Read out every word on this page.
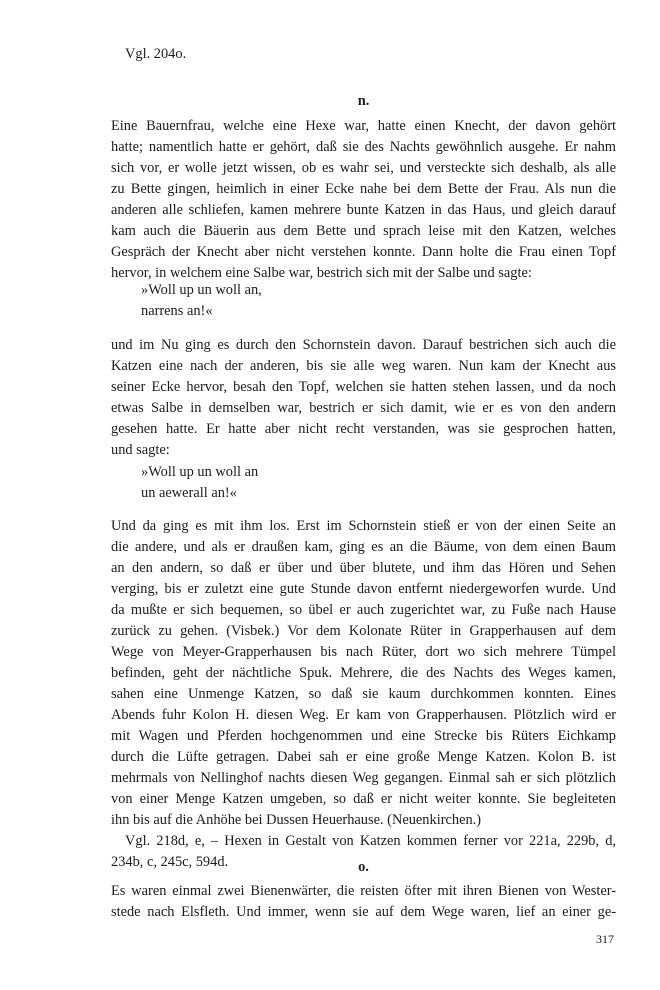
Vgl. 204o.
n.
Eine Bauernfrau, welche eine Hexe war, hatte einen Knecht, der davon gehört
hatte; namentlich hatte er gehört, daß sie des Nachts gewöhnlich ausgehe. Er nahm
sich vor, er wolle jetzt wissen, ob es wahr sei, und versteckte sich deshalb, als alle
zu Bette gingen, heimlich in einer Ecke nahe bei dem Bette der Frau. Als nun die
anderen alle schliefen, kamen mehrere bunte Katzen in das Haus, und gleich darauf
kam auch die Bäuerin aus dem Bette und sprach leise mit den Katzen, welches
Gespräch der Knecht aber nicht verstehen konnte. Dann holte die Frau einen Topf
hervor, in welchem eine Salbe war, bestrich sich mit der Salbe und sagte:
»Woll up un woll an,
narrens an!«
und im Nu ging es durch den Schornstein davon. Darauf bestrichen sich auch die
Katzen eine nach der anderen, bis sie alle weg waren. Nun kam der Knecht aus
seiner Ecke hervor, besah den Topf, welchen sie hatten stehen lassen, und da noch
etwas Salbe in demselben war, bestrich er sich damit, wie er es von den andern
gesehen hatte. Er hatte aber nicht recht verstanden, was sie gesprochen hatten,
und sagte:
»Woll up un woll an
un aewerall an!«
Und da ging es mit ihm los. Erst im Schornstein stieß er von der einen Seite an
die andere, und als er draußen kam, ging es an die Bäume, von dem einen Baum
an den andern, so daß er über und über blutete, und ihm das Hören und Sehen
verging, bis er zuletzt eine gute Stunde davon entfernt niedergeworfen wurde. Und
da mußte er sich bequemen, so übel er auch zugerichtet war, zu Fuße nach Hause
zurück zu gehen. (Visbek.) Vor dem Kolonate Rüter in Grapperhausen auf dem
Wege von Meyer-Grapperhausen bis nach Rüter, dort wo sich mehrere Tümpel
befinden, geht der nächtliche Spuk. Mehrere, die des Nachts des Weges kamen,
sahen eine Unmenge Katzen, so daß sie kaum durchkommen konnten. Eines
Abends fuhr Kolon H. diesen Weg. Er kam von Grapperhausen. Plötzlich wird er
mit Wagen und Pferden hochgenommen und eine Strecke bis Rüters Eichkamp
durch die Lüfte getragen. Dabei sah er eine große Menge Katzen. Kolon B. ist
mehrmals von Nellinghof nachts diesen Weg gegangen. Einmal sah er sich plötzlich
von einer Menge Katzen umgeben, so daß er nicht weiter konnte. Sie begleiteten
ihn bis auf die Anhöhe bei Dussen Heuerhause. (Neuenkirchen.)
Vgl. 218d, e, – Hexen in Gestalt von Katzen kommen ferner vor 221a, 229b, d,
234b, c, 245c, 594d.	o.
Es waren einmal zwei Bienenwärter, die reisten öfter mit ihren Bienen von Wester-
stede nach Elsfleth. Und immer, wenn sie auf dem Wege waren, lief an einer ge-
317
